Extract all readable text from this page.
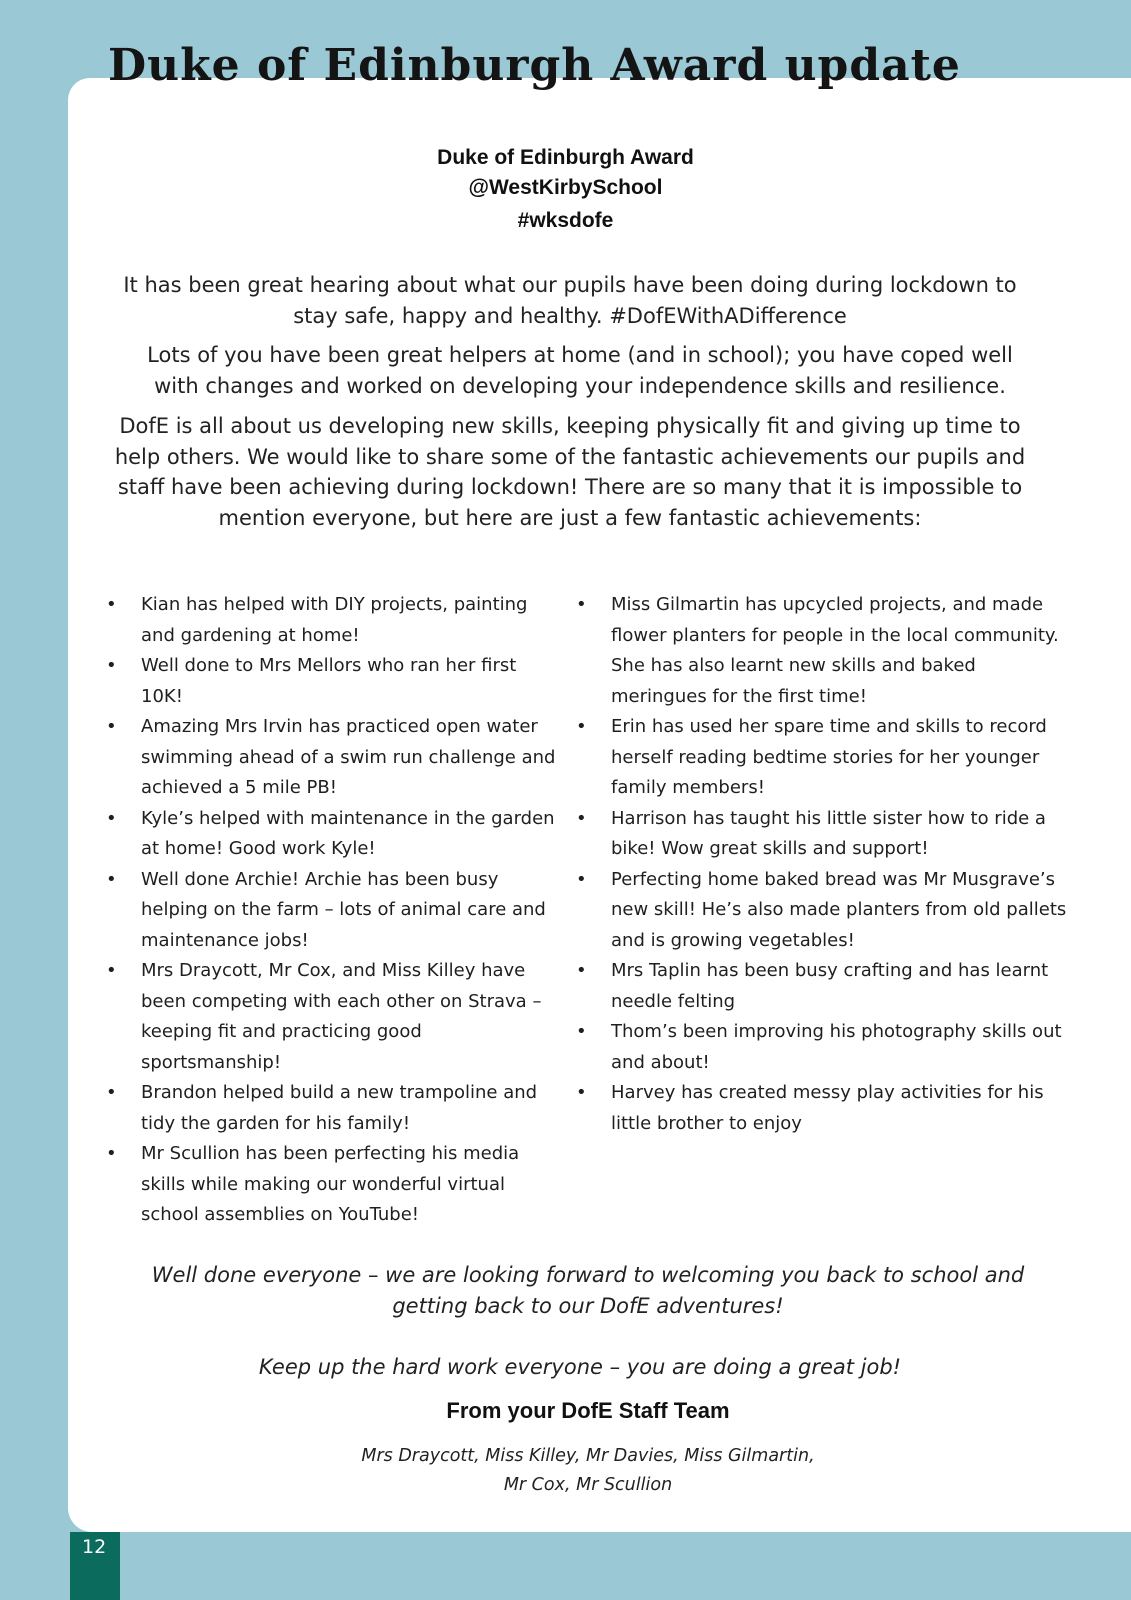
Duke of Edinburgh Award update
Duke of Edinburgh Award
@WestKirbySchool
#wksdofe

It has been great hearing about what our pupils have been doing during lockdown to stay safe, happy and healthy. #DofEWithADifference

Lots of you have been great helpers at home (and in school); you have coped well with changes and worked on developing your independence skills and resilience.

DofE is all about us developing new skills, keeping physically fit and giving up time to help others. We would like to share some of the fantastic achievements our pupils and staff have been achieving during lockdown! There are so many that it is impossible to mention everyone, but here are just a few fantastic achievements:

•	Kian has helped with DIY projects, painting and gardening at home!
•	Well done to Mrs Mellors who ran her first 10K!
•	Amazing Mrs Irvin has practiced open water swimming ahead of a swim run challenge and achieved a 5 mile PB!
•	Kyle’s helped with maintenance in the garden at home! Good work Kyle!
•	Well done Archie! Archie has been busy helping on the farm – lots of animal care and maintenance jobs!
•	Mrs Draycott, Mr Cox, and Miss Killey have been competing with each other on Strava – keeping fit and practicing good sportsmanship!
•	Brandon helped build a new trampoline and tidy the garden for his family!
•	Mr Scullion has been perfecting his media skills while making our wonderful virtual school assemblies on YouTube!
•	Miss Gilmartin has upcycled projects, and made flower planters for people in the local community. She has also learnt new skills and baked meringues for the first time!
•	Erin has used her spare time and skills to record herself reading bedtime stories for her younger family members!
•	Harrison has taught his little sister how to ride a bike! Wow great skills and support!
•	Perfecting home baked bread was Mr Musgrave’s new skill! He’s also made planters from old pallets and is growing vegetables!
•	Mrs Taplin has been busy crafting and has learnt needle felting
•	Thom’s been improving his photography skills out and about!
•	Harvey has created messy play activities for his little brother to enjoy

Well done everyone – we are looking forward to welcoming you back to school and getting back to our DofE adventures!

Keep up the hard work everyone – you are doing a great job!

From your DofE Staff Team

Mrs Draycott, Miss Killey, Mr Davies, Miss Gilmartin,
Mr Cox, Mr Scullion

12
